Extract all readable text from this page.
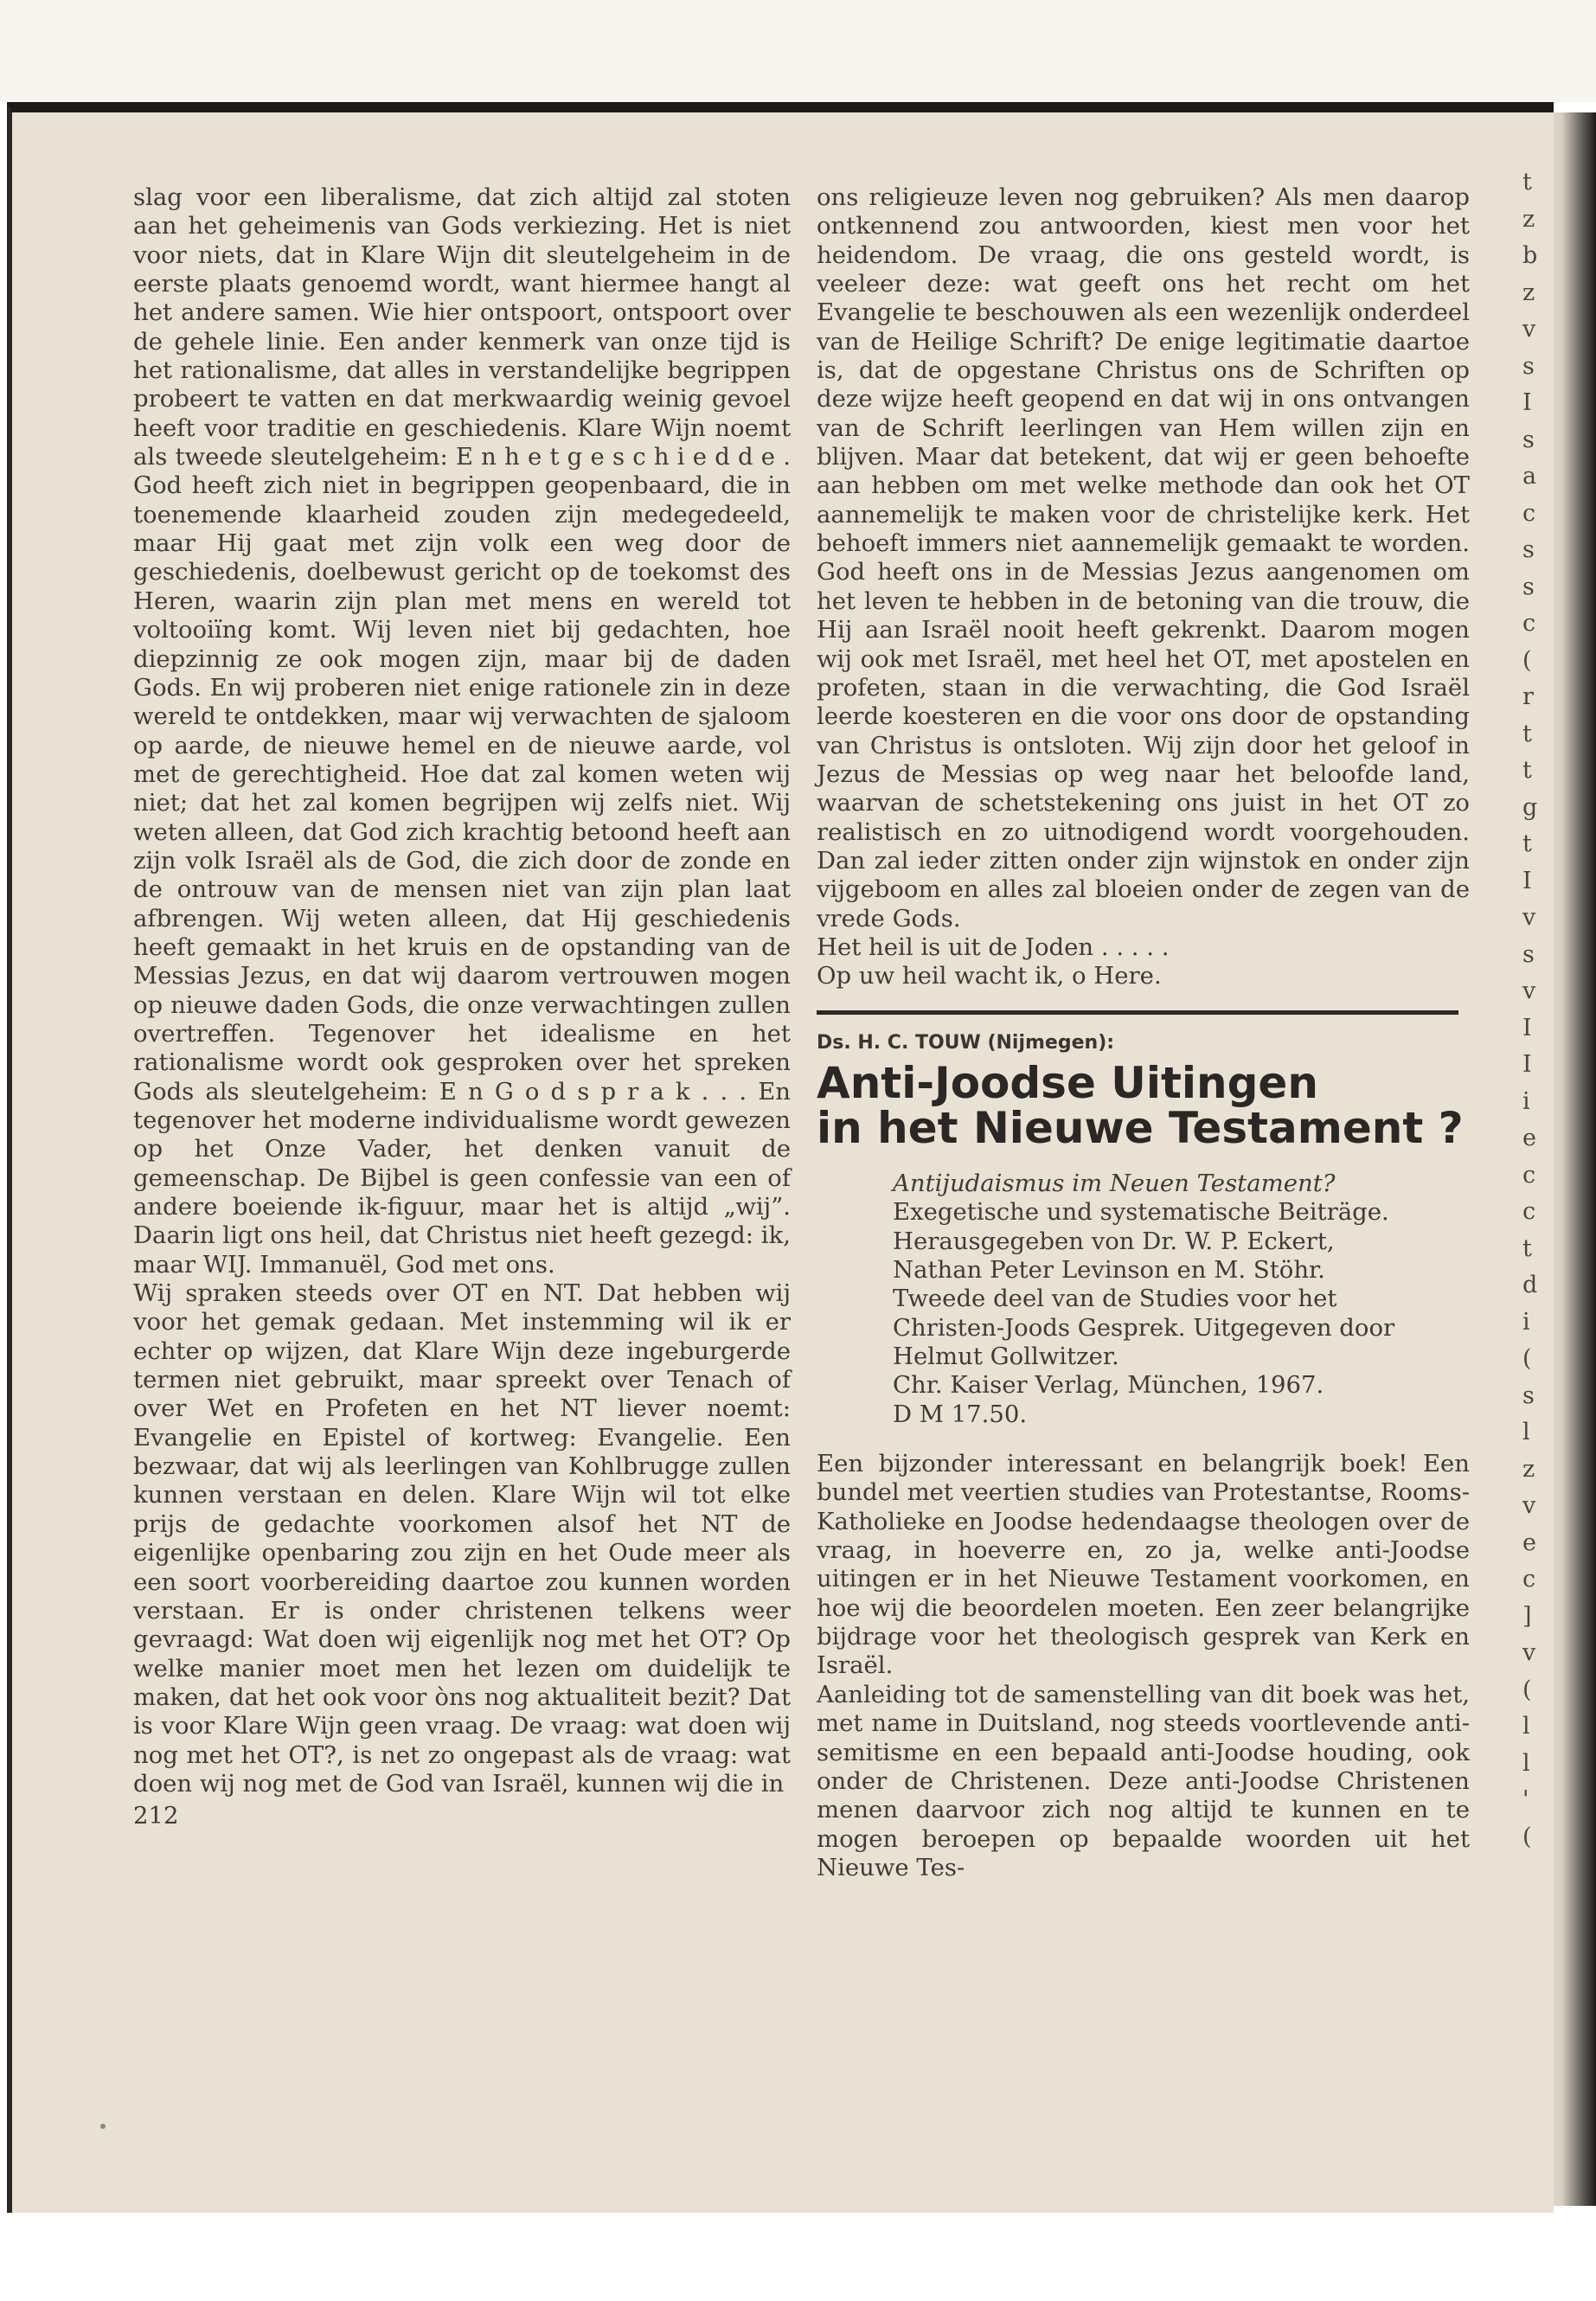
slag voor een liberalisme, dat zich altijd zal stoten aan het geheimenis van Gods verkiezing. Het is niet voor niets, dat in Klare Wijn dit sleutelgeheim in de eerste plaats genoemd wordt, want hiermee hangt al het andere samen. Wie hier ontspoort, ontspoort over de gehele linie. Een ander kenmerk van onze tijd is het rationalisme, dat alles in verstandelijke begrippen probeert te vatten en dat merkwaardig weinig gevoel heeft voor traditie en geschiedenis. Klare Wijn noemt als tweede sleutelgeheim: E n h e t g e s c h i e d d e . God heeft zich niet in begrippen geopenbaard, die in toenemende klaarheid zouden zijn medegedeeld, maar Hij gaat met zijn volk een weg door de geschiedenis, doelbewust gericht op de toekomst des Heren, waarin zijn plan met mens en wereld tot voltooiïng komt. Wij leven niet bij gedachten, hoe diepzinnig ze ook mogen zijn, maar bij de daden Gods. En wij proberen niet enige rationele zin in deze wereld te ontdekken, maar wij verwachten de sjaloom op aarde, de nieuwe hemel en de nieuwe aarde, vol met de gerechtigheid. Hoe dat zal komen weten wij niet; dat het zal komen begrijpen wij zelfs niet. Wij weten alleen, dat God zich krachtig betoond heeft aan zijn volk Israël als de God, die zich door de zonde en de ontrouw van de mensen niet van zijn plan laat afbrengen. Wij weten alleen, dat Hij geschiedenis heeft gemaakt in het kruis en de opstanding van de Messias Jezus, en dat wij daarom vertrouwen mogen op nieuwe daden Gods, die onze verwachtingen zullen overtreffen. Tegenover het idealisme en het rationalisme wordt ook gesproken over het spreken Gods als sleutelgeheim: E n G o d s p r a k . . . En tegenover het moderne individualisme wordt gewezen op het Onze Vader, het denken vanuit de gemeenschap. De Bijbel is geen confessie van een of andere boeiende ik-figuur, maar het is altijd „wij”. Daarin ligt ons heil, dat Christus niet heeft gezegd: ik, maar WIJ. Immanuël, God met ons.

Wij spraken steeds over OT en NT. Dat hebben wij voor het gemak gedaan. Met instemming wil ik er echter op wijzen, dat Klare Wijn deze ingeburgerde termen niet gebruikt, maar spreekt over Tenach of over Wet en Profeten en het NT liever noemt: Evangelie en Epistel of kortweg: Evangelie. Een bezwaar, dat wij als leerlingen van Kohlbrugge zullen kunnen verstaan en delen. Klare Wijn wil tot elke prijs de gedachte voorkomen alsof het NT de eigenlijke openbaring zou zijn en het Oude meer als een soort voorbereiding daartoe zou kunnen worden verstaan. Er is onder christenen telkens weer gevraagd: Wat doen wij eigenlijk nog met het OT? Op welke manier moet men het lezen om duidelijk te maken, dat het ook voor òns nog aktualiteit bezit? Dat is voor Klare Wijn geen vraag. De vraag: wat doen wij nog met het OT?, is net zo ongepast als de vraag: wat doen wij nog met de God van Israël, kunnen wij die in

212

ons religieuze leven nog gebruiken? Als men daarop ontkennend zou antwoorden, kiest men voor het heidendom. De vraag, die ons gesteld wordt, is veeleer deze: wat geeft ons het recht om het Evangelie te beschouwen als een wezenlijk onderdeel van de Heilige Schrift? De enige legitimatie daartoe is, dat de opgestane Christus ons de Schriften op deze wijze heeft geopend en dat wij in ons ontvangen van de Schrift leerlingen van Hem willen zijn en blijven. Maar dat betekent, dat wij er geen behoefte aan hebben om met welke methode dan ook het OT aannemelijk te maken voor de christelijke kerk. Het behoeft immers niet aannemelijk gemaakt te worden. God heeft ons in de Messias Jezus aangenomen om het leven te hebben in de betoning van die trouw, die Hij aan Israël nooit heeft gekrenkt. Daarom mogen wij ook met Israël, met heel het OT, met apostelen en profeten, staan in die verwachting, die God Israël leerde koesteren en die voor ons door de opstanding van Christus is ontsloten. Wij zijn door het geloof in Jezus de Messias op weg naar het beloofde land, waarvan de schetstekening ons juist in het OT zo realistisch en zo uitnodigend wordt voorgehouden. Dan zal ieder zitten onder zijn wijnstok en onder zijn vijgeboom en alles zal bloeien onder de zegen van de vrede Gods.

Het heil is uit de Joden . . . . .

Op uw heil wacht ik, o Here.

Ds. H. C. TOUW (Nijmegen):
Anti-Joodse Uitingen
in het Nieuwe Testament ?

Antijudaismus im Neuen Testament?

Exegetische und systematische Beiträge.

Herausgegeben von Dr. W. P. Eckert,

Nathan Peter Levinson en M. Stöhr.

Tweede deel van de Studies voor het

Christen-Joods Gesprek. Uitgegeven door

Helmut Gollwitzer.

Chr. Kaiser Verlag, München, 1967.

D M 17.50.

Een bijzonder interessant en belangrijk boek! Een bundel met veertien studies van Protestantse, Rooms-Katholieke en Joodse hedendaagse theologen over de vraag, in hoeverre en, zo ja, welke anti-Joodse uitingen er in het Nieuwe Testament voorkomen, en hoe wij die beoordelen moeten. Een zeer belangrijke bijdrage voor het theologisch gesprek van Kerk en Israël.

Aanleiding tot de samenstelling van dit boek was het, met name in Duitsland, nog steeds voortlevende anti-semitisme en een bepaald anti-Joodse houding, ook onder de Christenen. Deze anti-Joodse Christenen menen daarvoor zich nog altijd te kunnen en te mogen beroepen op bepaalde woorden uit het Nieuwe Tes-

t
z
b
z
v
s
I
s
a
c
s
s
c
(
r
t
t
g
t
I
v
s
v
I
I
i
e
c
c
t
d
i
(
s
l
z
v
e
c
]
v
(
l
l
'
(
